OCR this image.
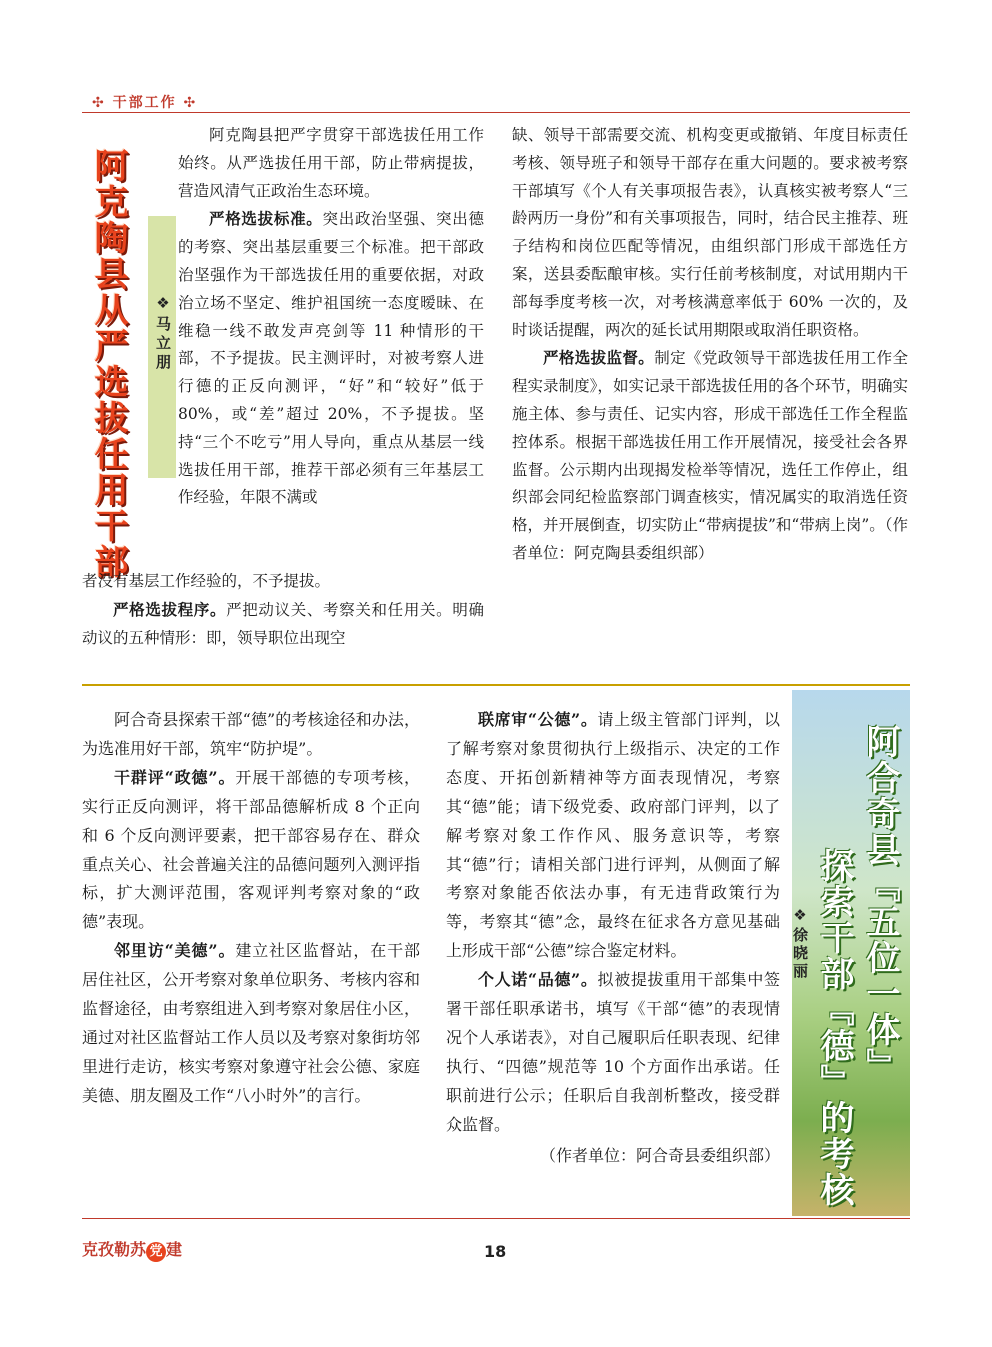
✣ 干部工作 ✣
阿克陶县从严选拔任用干部 ❖马立朋

阿克陶县把严字贯穿干部选拔任用工作始终。从严选拔任用干部，防止带病提拔，营造风清气正政治生态环境。

严格选拔标准。突出政治坚强、突出德的考察、突出基层重要三个标准。把干部政治坚强作为干部选拔任用的重要依据，对政治立场不坚定、维护祖国统一态度暧昧、在维稳一线不敢发声亮剑等 11 种情形的干部，不予提拔。民主测评时，对被考察人进行德的正反向测评，“好”和“较好”低于 80%，或“差”超过 20%，不予提拔。坚持“三个不吃亏”用人导向，重点从基层一线选拔任用干部，推荐干部必须有三年基层工作经验，年限不满或

者没有基层工作经验的，不予提拔。

严格选拔程序。严把动议关、考察关和任用关。明确动议的五种情形：即，领导职位出现空

缺、领导干部需要交流、机构变更或撤销、年度目标责任考核、领导班子和领导干部存在重大问题的。要求被考察干部填写《个人有关事项报告表》，认真核实被考察人“三龄两历一身份”和有关事项报告，同时，结合民主推荐、班子结构和岗位匹配等情况，由组织部门形成干部选任方案，送县委酝酿审核。实行任前考核制度，对试用期内干部每季度考核一次，对考核满意率低于 60% 一次的，及时谈话提醒，两次的延长试用期限或取消任职资格。

严格选拔监督。制定《党政领导干部选拔任用工作全程实录制度》，如实记录干部选拔任用的各个环节，明确实施主体、参与责任、记实内容，形成干部选任工作全程监控体系。根据干部选拔任用工作开展情况，接受社会各界监督。公示期内出现揭发检举等情况，选任工作停止，组织部会同纪检监察部门调查核实，情况属实的取消选任资格，并开展倒查，切实防止“带病提拔”和“带病上岗”。（作者单位：阿克陶县委组织部）

阿合奇县探索干部“德”的考核途径和办法，为选准用好干部，筑牢“防护堤”。

干群评“政德”。开展干部德的专项考核，实行正反向测评，将干部品德解析成 8 个正向和 6 个反向测评要素，把干部容易存在、群众重点关心、社会普遍关注的品德问题列入测评指标，扩大测评范围，客观评判考察对象的“政德”表现。

邻里访“美德”。建立社区监督站，在干部居住社区，公开考察对象单位职务、考核内容和监督途径，由考察组进入到考察对象居住小区，通过对社区监督站工作人员以及考察对象街坊邻里进行走访，核实考察对象遵守社会公德、家庭美德、朋友圈及工作“八小时外”的言行。

联席审“公德”。请上级主管部门评判，以了解考察对象贯彻执行上级指示、决定的工作态度、开拓创新精神等方面表现情况，考察其“德”能；请下级党委、政府部门评判，以了解考察对象工作作风、服务意识等，考察其“德”行；请相关部门进行评判，从侧面了解考察对象能否依法办事，有无违背政策行为等，考察其“德”念，最终在征求各方意见基础上形成干部“公德”综合鉴定材料。

个人诺“品德”。拟被提拔重用干部集中签署干部任职承诺书，填写《干部“德”的表现情况个人承诺表》，对自己履职后任职表现、纪律执行、“四德”规范等 10 个方面作出承诺。任职前进行公示；任职后自我剖析整改，接受群众监督。

（作者单位：阿合奇县委组织部）

阿合奇县『五位一体』
探索干部『德』的考核
❖徐晓丽
克孜勒苏 党 建	18
